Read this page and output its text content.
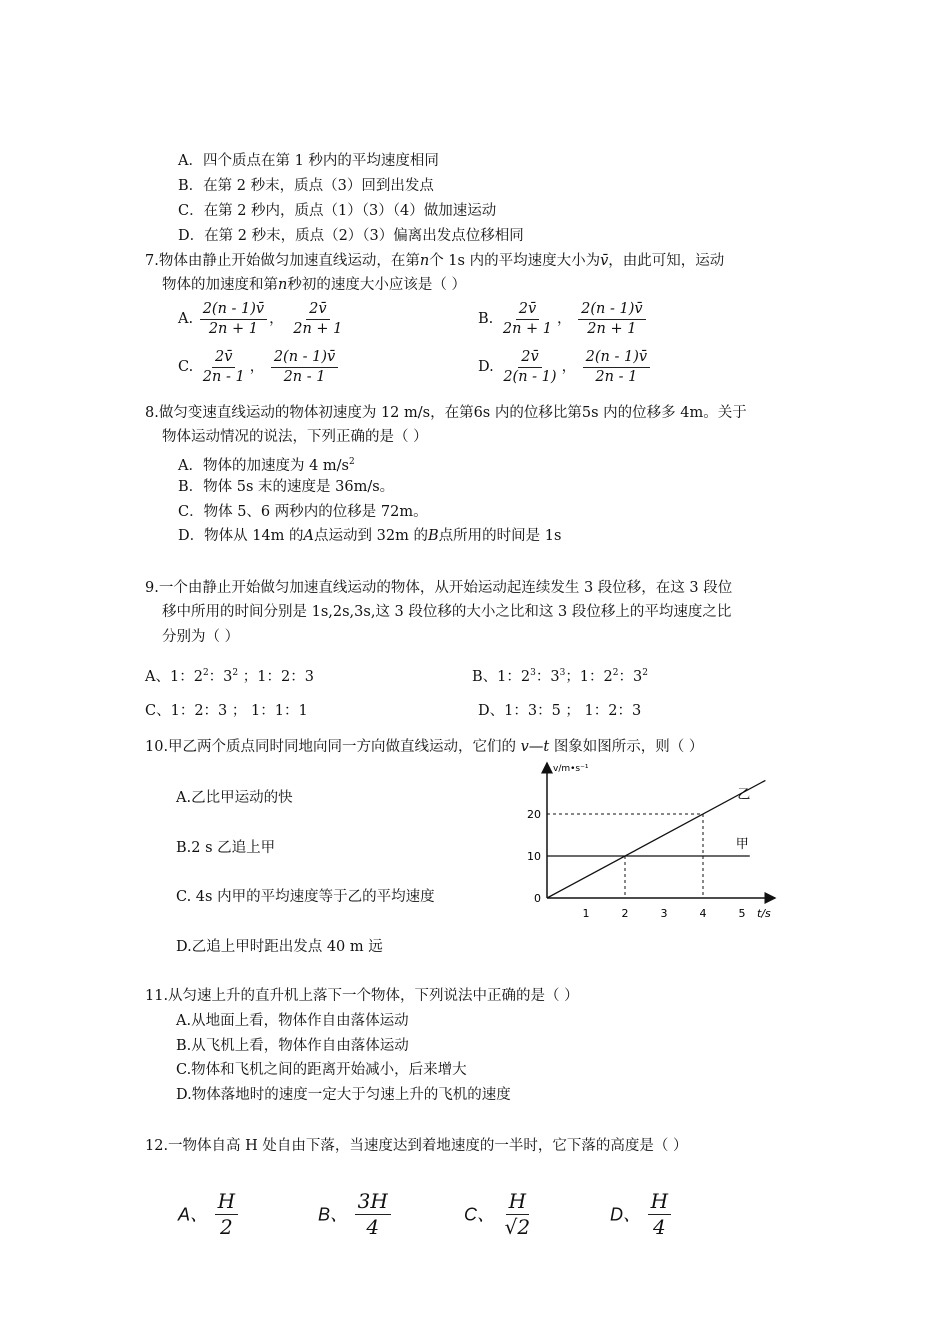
A．四个质点在第 1 秒内的平均速度相同
B．在第 2 秒末，质点（3）回到出发点
C．在第 2 秒内，质点（1）（3）（4）做加速运动
D．在第 2 秒末，质点（2）（3）偏离出发点位移相同
7.物体由静止开始做匀加速直线运动，在第n个 1s 内的平均速度大小为v̄，由此可知，运动
物体的加速度和第n秒初的速度大小应该是（ ）
A. $\frac{2(n - 1)v̄}{2n + 1}$ ， $\frac{2v̄}{2n + 1}$	B. $\frac{2v̄}{2n + 1}$ ， $\frac{2(n - 1)v̄}{2n + 1}$
C. $\frac{2v̄}{2n - 1}$ ， $\frac{2(n - 1)v̄}{2n - 1}$	D. $\frac{2v̄}{2(n - 1)}$ ， $\frac{2(n - 1)v̄}{2n - 1}$
8.做匀变速直线运动的物体初速度为 12 m/s，在第6s 内的位移比第5s 内的位移多 4m。关于
物体运动情况的说法，下列正确的是（ ）
A．物体的加速度为 4 $m/s^2$
B．物体 5s 末的速度是 36m/s。
C．物体 5、6 两秒内的位移是 72m。
D．物体从 14m 的A点运动到 32m 的B点所用的时间是 1s
9.一个由静止开始做匀加速直线运动的物体，从开始运动起连续发生 3 段位移，在这 3 段位
移中所用的时间分别是 1s,2s,3s,这 3 段位移的大小之比和这 3 段位移上的平均速度之比
分别为（ ）
A、1：$2^2$：$3^2$ ；1：2：3	B、1：$2^3$：$3^3$；1：$2^2$：$3^2$
C、1：2：3 ； 1：1：1	D、1：3：5 ； 1：2：3
10.甲乙两个质点同时同地向同一方向做直线运动，它们的 v—t 图象如图所示，则（ ）
A.乙比甲运动的快
B.2 s 乙追上甲
C. 4s 内甲的平均速度等于乙的平均速度
D.乙追上甲时距出发点 40 m 远
v/m•s⁻¹
t/s
1	2	3	4	5
0
10
20
甲
乙
11.从匀速上升的直升机上落下一个物体，下列说法中正确的是（ ）
A.从地面上看，物体作自由落体运动
B.从飞机上看，物体作自由落体运动
C.物体和飞机之间的距离开始减小，后来增大
D.物体落地时的速度一定大于匀速上升的飞机的速度
12.一物体自高 H 处自由下落，当速度达到着地速度的一半时，它下落的高度是（ ）
A、 $\frac{H}{2}$	B、 $\frac{3H}{4}$	C、 $\frac{H}{√2}$	D、 $\frac{H}{4}$
